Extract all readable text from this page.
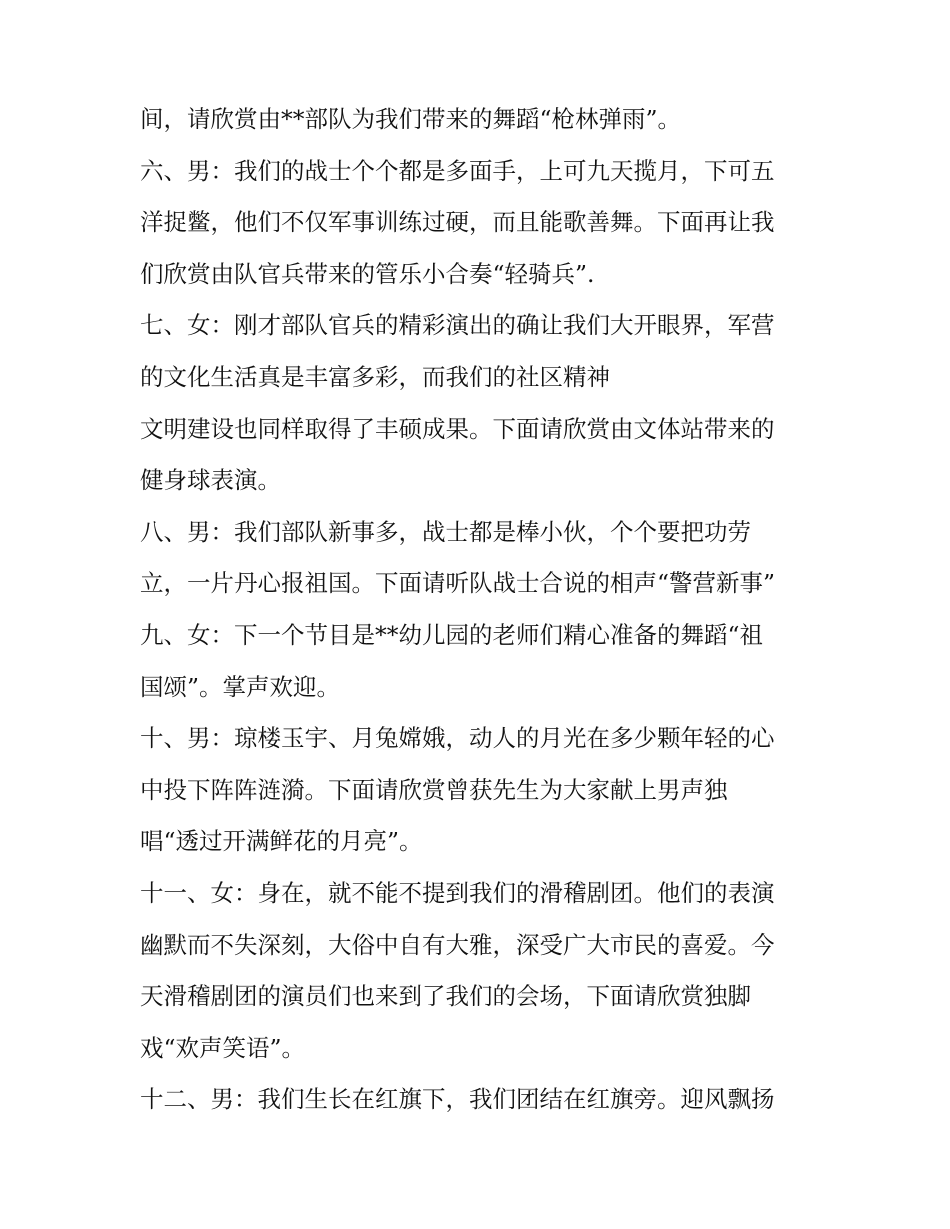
间，请欣赏由**部队为我们带来的舞蹈“枪林弹雨”。
六、男：我们的战士个个都是多面手，上可九天揽月，下可五
洋捉鳖，他们不仅军事训练过硬，而且能歌善舞。下面再让我
们欣赏由队官兵带来的管乐小合奏“轻骑兵”.
七、女：刚才部队官兵的精彩演出的确让我们大开眼界，军营
的文化生活真是丰富多彩，而我们的社区精神
文明建设也同样取得了丰硕成果。下面请欣赏由文体站带来的
健身球表演。
八、男：我们部队新事多，战士都是棒小伙，个个要把功劳
立，一片丹心报祖国。下面请听队战士合说的相声“警营新事”
九、女：下一个节目是**幼儿园的老师们精心准备的舞蹈“祖
国颂”。掌声欢迎。
十、男：琼楼玉宇、月兔嫦娥，动人的月光在多少颗年轻的心
中投下阵阵涟漪。下面请欣赏曾获先生为大家献上男声独
唱“透过开满鲜花的月亮”。
十一、女：身在，就不能不提到我们的滑稽剧团。他们的表演
幽默而不失深刻，大俗中自有大雅，深受广大市民的喜爱。今
天滑稽剧团的演员们也来到了我们的会场，下面请欣赏独脚
戏“欢声笑语”。
十二、男：我们生长在红旗下，我们团结在红旗旁。迎风飘扬
